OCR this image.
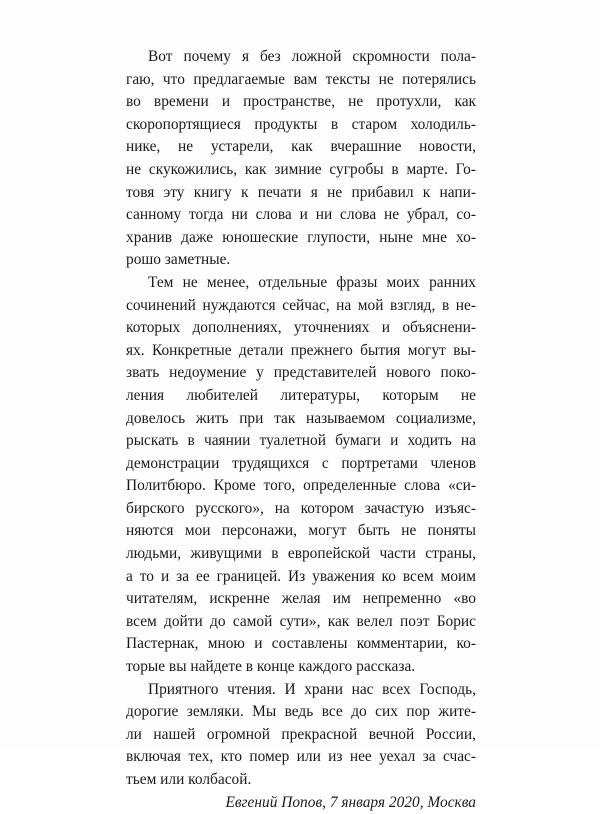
Вот почему я без ложной скромности пола-
гаю, что предлагаемые вам тексты не потерялись
во времени и пространстве, не протухли, как
скоропортящиеся продукты в старом холодиль-
нике, не устарели, как вчерашние новости,
не скукожились, как зимние сугробы в марте. Го-
товя эту книгу к печати я не прибавил к напи-
санному тогда ни слова и ни слова не убрал, со-
хранив даже юношеские глупости, ныне мне хо-
рошо заметные.
Тем не менее, отдельные фразы моих ранних
сочинений нуждаются сейчас, на мой взгляд, в не-
которых дополнениях, уточнениях и объяснени-
ях. Конкретные детали прежнего бытия могут вы-
звать недоумение у представителей нового поко-
ления любителей литературы, которым не
довелось жить при так называемом социализме,
рыскать в чаянии туалетной бумаги и ходить на
демонстрации трудящихся с портретами членов
Политбюро. Кроме того, определенные слова «си-
бирского русского», на котором зачастую изъяс-
няются мои персонажи, могут быть не поняты
людьми, живущими в европейской части страны,
а то и за ее границей. Из уважения ко всем моим
читателям, искренне желая им непременно «во
всем дойти до самой сути», как велел поэт Борис
Пастернак, мною и составлены комментарии, ко-
торые вы найдете в конце каждого рассказа.
Приятного чтения. И храни нас всех Господь,
дорогие земляки. Мы ведь все до сих пор жите-
ли нашей огромной прекрасной вечной России,
включая тех, кто помер или из нее уехал за счас-
тьем или колбасой.
Евгений Попов, 7 января 2020, Москва
